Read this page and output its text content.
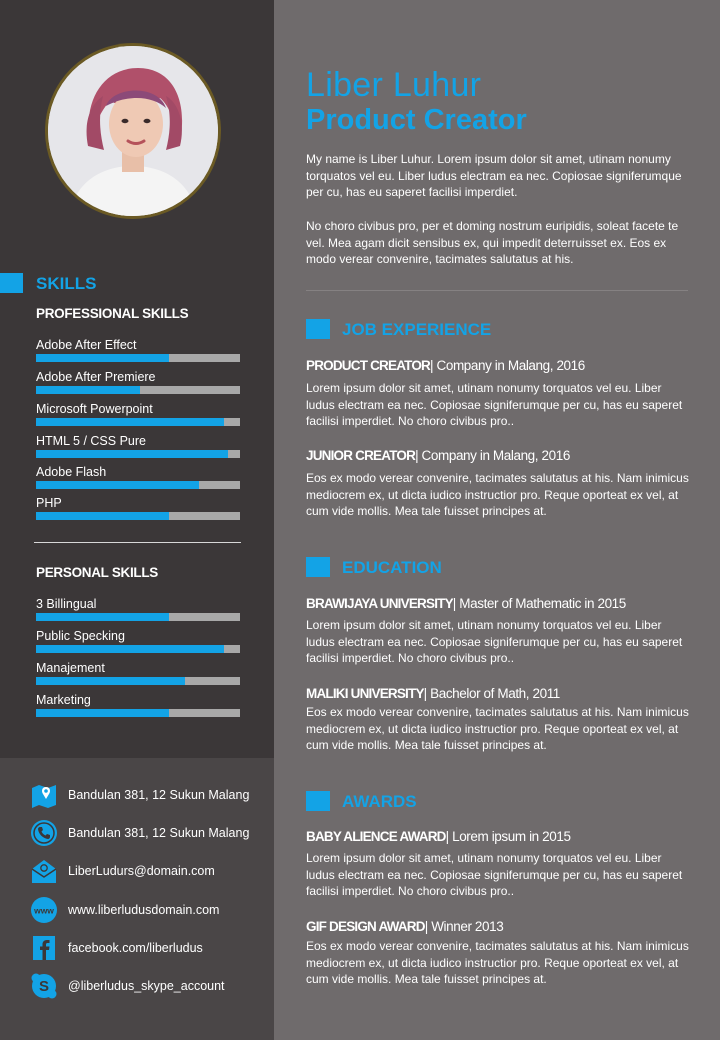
SKILLS
PROFESSIONAL SKILLS
Adobe After Effect
Adobe After Premiere
Microsoft Powerpoint
HTML 5 / CSS Pure
Adobe Flash
PHP
PERSONAL SKILLS
3 Billingual
Public Specking
Manajement
Marketing
Bandulan 381, 12 Sukun Malang
Bandulan 381, 12 Sukun Malang
LiberLudurs@domain.com
www www.liberludusdomain.com
facebook.com/liberludus
S @liberludus_skype_account
Liber Luhur
Product Creator
My name is Liber Luhur. Lorem ipsum dolor sit amet, utinam nonumy torquatos vel eu. Liber ludus electram ea nec. Copiosae signiferumque per cu, has eu saperet facilisi imperdiet.
No choro civibus pro, per et doming nostrum euripidis, soleat facete te vel. Mea agam dicit sensibus ex, qui impedit deterruisset ex. Eos ex modo verear convenire, tacimates salutatus at his.
JOB EXPERIENCE
PRODUCT CREATOR| Company in Malang, 2016
Lorem ipsum dolor sit amet, utinam nonumy torquatos vel eu. Liber ludus electram ea nec. Copiosae signiferumque per cu, has eu saperet facilisi imperdiet. No choro civibus pro..
JUNIOR CREATOR| Company in Malang, 2016
Eos ex modo verear convenire, tacimates salutatus at his. Nam inimicus mediocrem ex, ut dicta iudico instructior pro. Reque oporteat ex vel, at cum vide mollis. Mea tale fuisset principes at.
EDUCATION
BRAWIJAYA UNIVERSITY| Master of Mathematic in 2015
Lorem ipsum dolor sit amet, utinam nonumy torquatos vel eu. Liber ludus electram ea nec. Copiosae signiferumque per cu, has eu saperet facilisi imperdiet. No choro civibus pro..
MALIKI UNIVERSITY| Bachelor of Math, 2011
Eos ex modo verear convenire, tacimates salutatus at his. Nam inimicus mediocrem ex, ut dicta iudico instructior pro. Reque oporteat ex vel, at cum vide mollis. Mea tale fuisset principes at.
AWARDS
BABY ALIENCE AWARD| Lorem ipsum in 2015
Lorem ipsum dolor sit amet, utinam nonumy torquatos vel eu. Liber ludus electram ea nec. Copiosae signiferumque per cu, has eu saperet facilisi imperdiet. No choro civibus pro..
GIF DESIGN AWARD| Winner 2013
Eos ex modo verear convenire, tacimates salutatus at his. Nam inimicus mediocrem ex, ut dicta iudico instructior pro. Reque oporteat ex vel, at cum vide mollis. Mea tale fuisset principes at.
